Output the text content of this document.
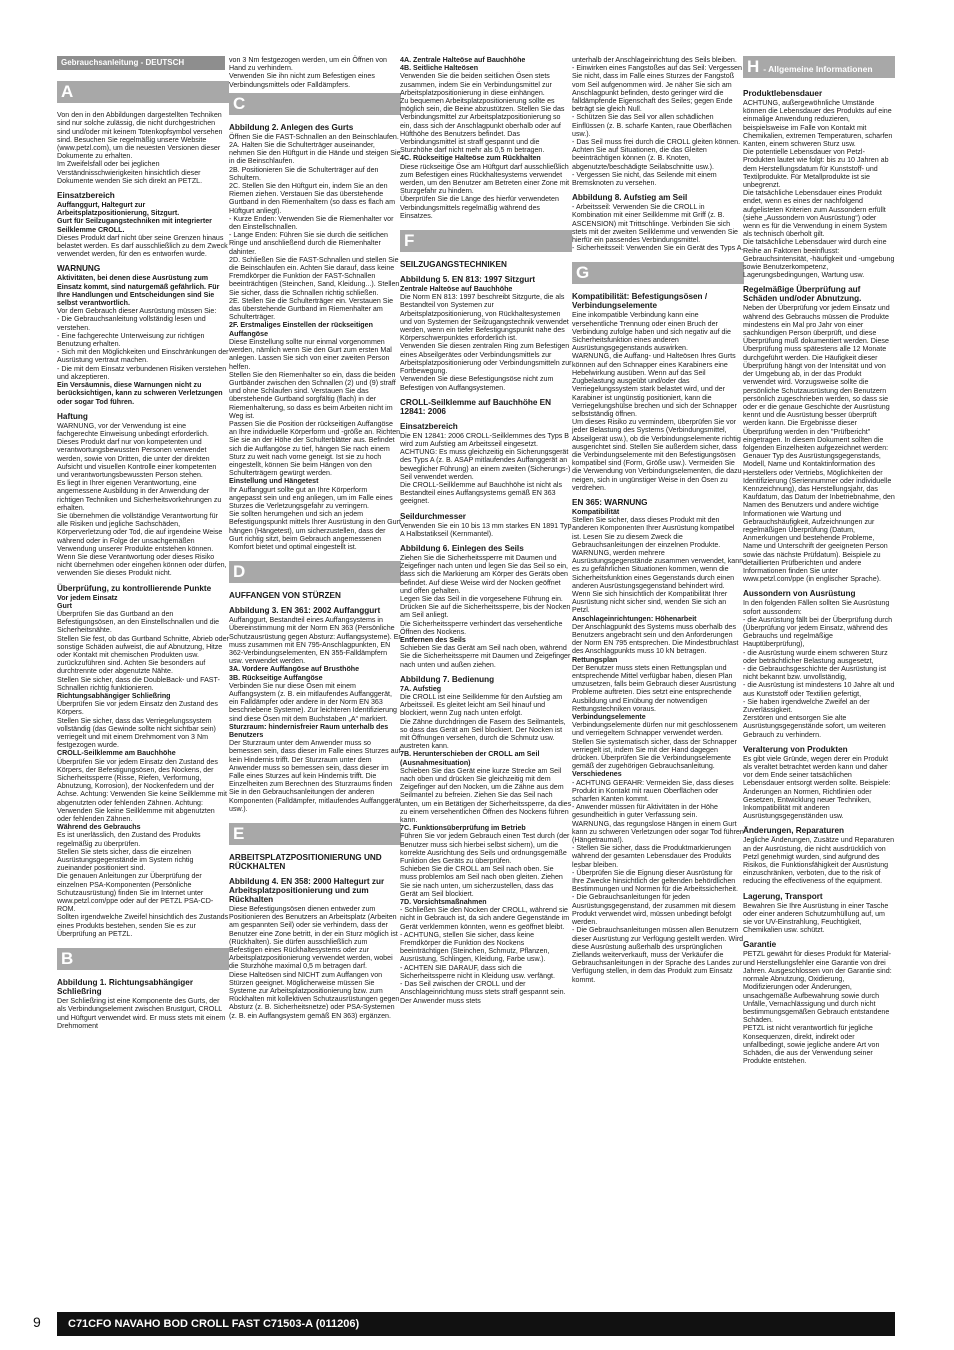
Gebrauchsanleitung - DEUTSCH
A

Von den in den Abbildungen dargestellten Techniken sind nur solche zulässig, die nicht durchgestrichen sind und/oder mit keinem Totenkopfsymbol versehen sind. Besuchen Sie regelmäßig unsere Website (www.petzl.com), um die neuesten Versionen dieser Dokumente zu erhalten.
Im Zweifelsfall oder bei jeglichen Verständnisschwierigkeiten hinsichtlich dieser Dokumente wenden Sie sich direkt an PETZL.

Einsatzbereich

Auffanggurt, Haltegurt zur Arbeitsplatzpositionierung, Sitzgurt.
Gurt für Seilzugangstechniken mit integrierter Seilklemme CROLL.

Dieses Produkt darf nicht über seine Grenzen hinaus belastet werden. Es darf ausschließlich zu dem Zweck verwendet werden, für den es entworfen wurde.

WARNUNG

Aktivitäten, bei denen diese Ausrüstung zum Einsatz kommt, sind naturgemäß gefährlich. Für Ihre Handlungen und Entscheidungen sind Sie selbst verantwortlich.

Vor dem Gebrauch dieser Ausrüstung müssen Sie:
- Die Gebrauchsanleitung vollständig lesen und verstehen.
- Eine fachgerechte Unterweisung zur richtigen Benutzung erhalten.
- Sich mit den Möglichkeiten und Einschränkungen der Ausrüstung vertraut machen.
- Die mit dem Einsatz verbundenen Risiken verstehen und akzeptieren.

Ein Versäumnis, diese Warnungen nicht zu berücksichtigen, kann zu schweren Verletzungen oder sogar Tod führen.

Haftung

WARNUNG, vor der Verwendung ist eine fachgerechte Einweisung unbedingt erforderlich.
Dieses Produkt darf nur von kompetenten und verantwortungsbewussten Personen verwendet werden, sowie von Dritten, die unter der direkten Aufsicht und visuellen Kontrolle einer kompetenten und verantwortungsbewussten Person stehen.
Es liegt in Ihrer eigenen Verantwortung, eine angemessene Ausbildung in der Anwendung der richtigen Techniken und Sicherheitsvorkehrungen zu erhalten.
Sie übernehmen die vollständige Verantwortung für alle Risiken und jegliche Sachschäden, Körperverletzung oder Tod, die auf irgendeine Weise während oder in Folge der unsachgemäßen Verwendung unserer Produkte entstehen können. Wenn Sie diese Verantwortung oder dieses Risiko nicht übernehmen oder eingehen können oder dürfen, verwenden Sie dieses Produkt nicht.

Überprüfung, zu kontrollierende Punkte

Vor jedem Einsatz

Gurt

Überprüfen Sie das Gurtband an den Befestigungsösen, an den Einstellschnallen und die Sicherheitsnähte.
Stellen Sie fest, ob das Gurtband Schnitte, Abrieb oder sonstige Schäden aufweist, die auf Abnutzung, Hitze oder Kontakt mit chemischen Produkten usw. zurückzuführen sind. Achten Sie besonders auf durchtrennte oder abgenutzte Nähte.
Stellen Sie sicher, dass die DoubleBack- und FAST-Schnallen richtig funktionieren.

Richtungsabhängiger Schließring

Überprüfen Sie vor jedem Einsatz den Zustand des Körpers.
Stellen Sie sicher, dass das Verriegelungssystem vollständig (das Gewinde sollte nicht sichtbar sein) verriegelt und mit einem Drehmoment von 3 Nm festgezogen wurde.

CROLL-Seilklemme am Bauchhöhe

Überprüfen Sie vor jedem Einsatz den Zustand des Körpers, der Befestigungsösen, des Nockens, der Sicherheitssperre (Risse, Riefen, Verformung, Abnutzung, Korrosion), der Nockenfedern und der Achse. Achtung: Verwenden Sie keine Seilklemme mit abgenutzten oder fehlenden Zähnen. Achtung: Verwenden Sie keine Seilklemme mit abgenutzten oder fehlenden Zähnen.

Während des Gebrauchs

Es ist unerlässlich, den Zustand des Produkts regelmäßig zu überprüfen.
Stellen Sie stets sicher, dass die einzelnen Ausrüstungsgegenstände im System richtig zueinander positioniert sind.
Die genauen Anleitungen zur Überprüfung der einzelnen PSA-Komponenten (Persönliche Schutzausrüstung) finden Sie im Internet unter www.petzl.com/ppe oder auf der PETZL PSA-CD-ROM.
Sollten irgendwelche Zweifel hinsichtlich des Zustands eines Produkts bestehen, senden Sie es zur Überprüfung an PETZL.

B
Abbildung 1. Richtungsabhängiger Schließring

Der Schließring ist eine Komponente des Gurts, der als Verbindungselement zwischen Brustgurt, CROLL und Hüftgurt verwendet wird. Er muss stets mit einem Drehmoment

von 3 Nm festgezogen werden, um ein Öffnen von Hand zu verhindern.
Verwenden Sie ihn nicht zum Befestigen eines Verbindungsmittels oder Falldämpfers.

C
Abbildung 2. Anlegen des Gurts

Öffnen Sie die FAST-Schnallen an den Beinschlaufen.
2A. Halten Sie die Schulterträger auseinander, nehmen Sie den Hüftgurt in die Hände und steigen Sie in die Beinschlaufen.
2B. Positionieren Sie die Schulterträger auf den Schultern.
2C. Stellen Sie den Hüftgurt ein, indem Sie an den Riemen ziehen. Verstauen Sie das überstehende Gurtband in den Riemenhaltern (so dass es flach am Hüftgurt anliegt).
- Kurze Enden: Verwenden Sie die Riemenhalter vor den Einstellschnallen.
- Lange Enden: Führen Sie sie durch die seitlichen Ringe und anschließend durch die Riemenhalter dahinter.
2D. Schließen Sie die FAST-Schnallen und stellen Sie die Beinschlaufen ein. Achten Sie darauf, dass keine Fremdkörper die Funktion der FAST-Schnallen beeinträchtigen (Steinchen, Sand, Kleidung...). Stellen Sie sicher, dass die Schnallen richtig schließen.
2E. Stellen Sie die Schulterträger ein. Verstauen Sie das überstehende Gurtband im Riemenhalter am Schulterträger.

2F. Erstmaliges Einstellen der rückseitigen Auffangöse

Diese Einstellung sollte nur einmal vorgenommen werden, nämlich wenn Sie den Gurt zum ersten Mal anlegen. Lassen Sie sich von einer zweiten Person helfen.
Stellen Sie den Riemenhalter so ein, dass die beiden Gurtbänder zwischen den Schnallen (2) und (9) straff und ohne Schlaufen sind. Verstauen Sie das überstehende Gurtband sorgfältig (flach) in der Riemenhalterung, so dass es beim Arbeiten nicht im Weg ist.
Passen Sie die Position der rückseitigen Auffangöse an Ihre individuelle Körperform und -größe an. Richten Sie sie an der Höhe der Schulterblätter aus. Befindet sich die Auffangöse zu tief, hängen Sie nach einem Sturz zu weit nach vorne geneigt. Ist sie zu hoch eingestellt, können Sie beim Hängen von den Schulterträgern gewürgt werden.

Einstellung und Hängetest

Ihr Auffanggurt sollte gut an Ihre Körperform angepasst sein und eng anliegen, um im Falle eines Sturzes die Verletzungsgefahr zu verringern.
Sie sollten herumgehen und sich an jedem Befestigungspunkt mittels Ihrer Ausrüstung in den Gurt hängen (Hängetest), um sicherzustellen, dass der Gurt richtig sitzt, beim Gebrauch angemessenen Komfort bietet und optimal eingestellt ist.

D
AUFFANGEN VON STÜRZEN
Abbildung 3. EN 361: 2002 Auffanggurt

Auffanggurt, Bestandteil eines Auffangsystems in Übereinstimmung mit der Norm EN 363 (Persönliche Schutzausrüstung gegen Absturz: Auffangsysteme). Er muss zusammen mit EN 795-Anschlagpunkten, EN 362-Verbindungselementen, EN 355-Falldämpfern usw. verwendet werden.

3A. Vordere Auffangöse auf Brusthöhe
3B. Rückseitige Auffangöse

Verbinden Sie nur diese Ösen mit einem Auffangsystem (z. B. ein mitlaufendes Auffanggerät, ein Falldämpfer oder andere in der Norm EN 363 beschriebene Systeme). Zur leichteren Identifizierung sind diese Ösen mit dem Buchstaben „A“ markiert.

Sturzraum: hindernisfreier Raum unterhalb des Benutzers

Der Sturzraum unter dem Anwender muss so bemessen sein, dass dieser im Falle eines Sturzes auf kein Hindernis trifft. Der Sturzraum unter dem Anwender muss so bemessen sein, dass dieser im Falle eines Sturzes auf kein Hindernis trifft. Die Einzelheiten zum Berechnen des Sturzraums finden Sie in den Gebrauchsanleitungen der anderen Komponenten (Falldämpfer, mitlaufendes Auffanggerät usw.).

E
ARBEITSPLATZPOSITIONIERUNG UND RÜCKHALTEN
Abbildung 4. EN 358: 2000 Haltegurt zur Arbeitsplatzpositionierung und zum Rückhalten

Diese Befestigungsösen dienen entweder zum Positionieren des Benutzers an Arbeitsplatz (Arbeiten am gespannten Seil) oder sie verhindern, dass der Benutzer eine Zone betritt, in der ein Sturz möglich ist (Rückhalten). Sie dürfen ausschließlich zum Befestigen eines Rückhaltesystems oder zur Arbeitsplatzpositionierung verwendet werden, wobei die Sturzhöhe maximal 0,5 m betragen darf.
Diese Halteösen sind NICHT zum Auffangen von Stürzen geeignet. Möglicherweise müssen Sie Systeme zur Arbeitsplatzpositionierung bzw. zum Rückhalten mit kollektiven Schutzausrüstungen gegen Absturz (z. B. Sicherheitsnetze) oder PSA-Systemen (z. B. ein Auffangsystem gemäß EN 363) ergänzen.

4A. Zentrale Halteöse auf Bauchhöhe
4B. Seitliche Halteösen

Verwenden Sie die beiden seitlichen Ösen stets zusammen, indem Sie ein Verbindungsmittel zur Arbeitsplatzpositionierung in diese einhängen.
Zu bequemen Arbeitsplatzpositionierung sollte es möglich sein, die Beine abzustützen. Stellen Sie das Verbindungsmittel zur Arbeitsplatzpositionierung so ein, dass sich der Anschlagpunkt oberhalb oder auf Hüfthöhe des Benutzers befindet. Das Verbindungsmittel ist straff gespannt und die Sturzhöhe darf nicht mehr als 0,5 m betragen.

4C. Rückseitige Halteöse zum Rückhalten

Diese rückseitige Öse am Hüftgurt darf ausschließlich zum Befestigen eines Rückhaltesystems verwendet werden, um den Benutzer am Betreten einer Zone mit Sturzgefahr zu hindern.
Überprüfen Sie die Länge des hierfür verwendeten Verbindungsmittels regelmäßig während des Einsatzes.

F
SEILZUGANGSTECHNIKEN
Abbildung 5. EN 813: 1997 Sitzgurt

Zentrale Halteöse auf Bauchhöhe

Die Norm EN 813: 1997 beschreibt Sitzgurte, die als Bestandteil von Systemen zur Arbeitsplatzpositionierung, von Rückhaltesystemen und von Systemen der Seilzugangstechnik verwendet werden, wenn ein tiefer Befestigungspunkt nahe des Körperschwerpunktes erforderlich ist.
Verwenden Sie diesen zentralen Ring zum Befestigen eines Abseilgerätes oder Verbindungsmittels zur Arbeitsplatzpositionierung oder Verbindungsmitteln zur Fortbewegung.
Verwenden Sie diese Befestigungsöse nicht zum Befestigen von Auffangsystemen.

CROLL-Seilklemme auf Bauchhöhe EN 12841: 2006
Einsatzbereich

Die EN 12841: 2006 CROLL-Seilklemmes des Typs B wird zum Aufstieg am Arbeitsseil eingesetzt.
ACHTUNG: Es muss gleichzeitig ein Sicherungsgerät des Typs A (z. B. ASAP mitlaufendes Auffanggerät an beweglicher Führung) an einem zweiten (Sicherungs-) Seil verwendet werden.
Die CROLL-Seilklemme auf Bauchhöhe ist nicht als Bestandteil eines Auffangsystems gemäß EN 363 geeignet.

Seildurchmesser

Verwenden Sie ein 10 bis 13 mm starkes EN 1891 Typ A Halbstatikseil (Kernmantel).

Abbildung 6. Einlegen des Seils

Ziehen Sie die Sicherheitssperre mit Daumen und Zeigefinger nach unten und legen Sie das Seil so ein, dass sich die Markierung am Körper des Geräts oben befindet. Auf diese Weise wird der Nocken geöffnet und offen gehalten.
Legen Sie das Seil in die vorgesehene Führung ein. Drücken Sie auf die Sicherheitssperre, bis der Nocken am Seil anliegt.
Die Sicherheitssperre verhindert das versehentliche Öffnen des Nockens.

Entfernen des Seils

Schieben Sie das Gerät am Seil nach oben, während Sie die Sicherheitssperre mit Daumen und Zeigefinger nach unten und außen ziehen.

Abbildung 7. Bedienung

7A. Aufstieg

Die CROLL ist eine Seilklemme für den Aufstieg am Arbeitsseil. Es gleitet leicht am Seil hinauf und blockiert, wenn Zug nach unten erfolgt.
Die Zähne durchdringen die Fasern des Seilmantels, so dass das Gerät am Seil blockiert. Der Nocken ist mit Öffnungen versehen, durch die Schmutz usw. austreten kann.

7B. Herunterschieben der CROLL am Seil (Ausnahmesituation)

Schieben Sie das Gerät eine kurze Strecke am Seil nach oben und drücken Sie gleichzeitig mit dem Zeigefinger auf den Nocken, um die Zähne aus dem Seilmantel zu befreien. Ziehen Sie das Seil nach unten, um ein Betätigen der Sicherheitssperre, da dies zu einem versehentlichen Öffnen des Nockens führen kann.

7C. Funktionsüberprüfung im Betrieb

Führen Sie vor jedem Gebrauch einen Test durch (der Benutzer muss sich hierbei selbst sichern), um die korrekte Ausrichtung des Seils und ordnungsgemäße Funktion des Geräts zu überprüfen.
Schieben Sie die CROLL am Seil nach oben. Sie muss problemlos am Seil nach oben gleiten. Ziehen Sie sie nach unten, um sicherzustellen, dass das Gerät am Seil blockiert.

7D. Vorsichtsmaßnahmen

- Schließen Sie den Nocken der CROLL, während sie nicht in Gebrauch ist, da sich andere Gegenstände im Gerät verklemmen könnten, wenn es geöffnet bleibt.
- ACHTUNG, stellen Sie sicher, dass keine Fremdkörper die Funktion des Nockens beeinträchtigen (Steinchen, Schmutz, Pflanzen, Ausrüstung, Schlingen, Kleidung, Farbe usw.).
- ACHTEN SIE DARAUF, dass sich die Sicherheitssperre nicht in Kleidung usw. verfängt.
- Das Seil zwischen der CROLL und der Anschlageinrichtung muss stets straff gespannt sein. Der Anwender muss stets

unterhalb der Anschlageinrichtung des Seils bleiben.
- Einwirken eines Fangstoßes auf das Seil: Vergessen Sie nicht, dass im Falle eines Sturzes der Fangstoß vom Seil aufgenommen wird. Je näher Sie sich am Anschlagpunkt befinden, desto geringer wird die falldämpfende Eigenschaft des Seiles; gegen Ende beträgt sie gleich Null.
- Schützen Sie das Seil vor allen schädlichen Einflüssen (z. B. scharfe Kanten, raue Oberflächen usw.).
- Das Seil muss frei durch die CROLL gleiten können. Achten Sie auf Situationen, die das Gleiten beeinträchtigen können (z. B. Knoten, abgenutzte/beschädigte Seilabschnitte usw.).
- Vergessen Sie nicht, das Seilende mit einem Bremsknoten zu versehen.

Abbildung 8. Aufstieg am Seil

- Arbeitsseil: Verwenden Sie die CROLL in Kombination mit einer Seilklemme mit Griff (z. B. ASCENSION) mit Trittschlinge. Verbinden Sie sich stets mit der zweiten Seilklemme und verwenden Sie hierfür ein passendes Verbindungsmittel.
- Sicherheitsseil: Verwenden Sie ein Gerät des Typs A.

G
Kompatibilität: Befestigungsösen / Verbindungselemente

Eine inkompatible Verbindung kann eine versehentliche Trennung oder einen Bruch der Verbindung zufolge haben und sich negativ auf die Sicherheitsfunktion eines anderen Ausrüstungsgegenstands auswirken.
WARNUNG, die Auffang- und Halteösen Ihres Gurts können auf den Schnapper eines Karabiners eine Hebelwirkung ausüben. Wenn auf das Seil Zugbelastung ausgeübt und/oder das Verriegelungssystem stark belastet wird, und der Karabiner ist ungünstig positioniert, kann die Verriegelungshülse brechen und sich der Schnapper selbstständig öffnen.
Um dieses Risiko zu vermindern, überprüfen Sie vor jeder Belastung des Systems (Verbindungsmittel, Abseilgerät usw.), ob die Verbindungselemente richtig ausgerichtet sind. Stellen Sie außerdem sicher, dass die Verbindungselemente mit den Befestigungsösen kompatibel sind (Form, Größe usw.). Vermeiden Sie die Verwendung von Verbindungselementen, die dazu neigen, sich in ungünstiger Weise in den Ösen zu verdrehen.

EN 365: WARNUNG

Kompatibilität

Stellen Sie sicher, dass dieses Produkt mit den anderen Komponenten Ihrer Ausrüstung kompatibel ist. Lesen Sie zu diesem Zweck die Gebrauchsanleitungen der einzelnen Produkte.
WARNUNG, werden mehrere Ausrüstungsgegenstände zusammen verwendet, kann es zu gefährlichen Situationen kommen, wenn die Sicherheitsfunktion eines Gegenstands durch einen anderen Ausrüstungsgegenstand behindert wird.
Wenn Sie sich hinsichtlich der Kompatibilität Ihrer Ausrüstung nicht sicher sind, wenden Sie sich an Petzl.

Anschlageinrichtungen: Höhenarbeit

Der Anschlagpunkt des Systems muss oberhalb des Benutzers angebracht sein und den Anforderungen der Norm EN 795 entsprechen. Die Mindestbruchlast des Anschlagpunkts muss 10 kN betragen.

Rettungsplan

Der Benutzer muss stets einen Rettungsplan und entsprechende Mittel verfügbar haben, diesen Plan umzusetzen, falls beim Gebrauch dieser Ausrüstung Probleme auftreten. Dies setzt eine entsprechende Ausbildung und Einübung der notwendigen Rettungstechniken voraus.

Verbindungselemente

Verbindungselemente dürfen nur mit geschlossenem und verriegeltem Schnapper verwendet werden. Stellen Sie systematisch sicher, dass der Schnapper verriegelt ist, indem Sie mit der Hand dagegen drücken. Überprüfen Sie die Verbindungselemente gemäß der zugehörigen Gebrauchsanleitung.

Verschiedenes

- ACHTUNG GEFAHR: Vermeiden Sie, dass dieses Produkt in Kontakt mit rauen Oberflächen oder scharfen Kanten kommt.
- Anwender müssen für Aktivitäten in der Höhe gesundheitlich in guter Verfassung sein.
WARNUNG, das regungslose Hängen in einem Gurt kann zu schweren Verletzungen oder sogar Tod führen (Hängetrauma!).
- Stellen Sie sicher, dass die Produktmarkierungen während der gesamten Lebensdauer des Produkts lesbar bleiben.
- Überprüfen Sie die Eignung dieser Ausrüstung für Ihre Zwecke hinsichtlich der geltenden behördlichen Bestimmungen und Normen für die Arbeitssicherheit.
- Die Gebrauchsanleitungen für jeden Ausrüstungsgegenstand, der zusammen mit diesem Produkt verwendet wird, müssen unbedingt befolgt werden.
- Die Gebrauchsanleitungen müssen allen Benutzern dieser Ausrüstung zur Verfügung gestellt werden. Wird diese Ausrüstung außerhalb des ursprünglichen Ziellands weiterverkauft, muss der Verkäufer die Gebrauchsanleitungen in der Sprache des Landes zur Verfügung stellen, in dem das Produkt zum Einsatz kommt.

H - Allgemeine Informationen
Produktlebensdauer

ACHTUNG, außergewöhnliche Umstände können die Lebensdauer des Produkts auf eine einmalige Anwendung reduzieren, beispielsweise im Falle von Kontakt mit Chemikalien, extremen Temperaturen, scharfen Kanten, einem schweren Sturz usw.

Die potentielle Lebensdauer von Petzl-Produkten lautet wie folgt: bis zu 10 Jahren ab dem Herstellungsdatum für Kunststoff- und Textilprodukte. Für Metallprodukte ist sie unbegrenzt.

Die tatsächliche Lebensdauer eines Produkt endet, wenn es eines der nachfolgend aufgelisteten Kriterien zum Aussondern erfüllt (siehe „Aussondern von Ausrüstung“) oder wenn es für die Verwendung in einem System als technisch überholt gilt.
Die tatsächliche Lebensdauer wird durch eine Reihe an Faktoren beeinflusst: Gebrauchsintensität, -häufigkeit und -umgebung sowie Benutzerkompetenz, Lagerungsbedingungen, Wartung usw.

Regelmäßige Überprüfung auf Schäden und/oder Abnutzung.

Neben der Überprüfung vor jedem Einsatz und während des Gebrauchs müssen die Produkte mindestens ein Mal pro Jahr von einer sachkundigen Person überprüft, und diese Überprüfung muß dokumentiert werden. Diese Überprüfung muss spätestens alle 12 Monate durchgeführt werden. Die Häufigkeit dieser Überprüfung hängt von der Intensität und von der Umgebung ab, in der das Produkt verwendet wird. Vorzugsweise sollte die persönliche Schutzausrüstung den Benutzern persönlich zugeschrieben werden, so dass sie oder er die genaue Geschichte der Ausrüstung kennt und die Ausrüstung besser überprüft werden kann. Die Ergebnisse dieser Überprüfung werden in den "Prüfbericht" eingetragen. In diesem Dokument sollten die folgenden Einzelheiten aufgezeichnet werden: Genauer Typ des Ausrüstungsgegenstands, Modell, Name und Kontaktinformation des Herstellers oder Vertriebs, Möglichkeiten der Identifizierung (Seriennummer oder individuelle Kennzeichnung), das Herstellungsjahr, das Kaufdatum, das Datum der Inbetriebnahme, den Namen des Benutzers und andere wichtige Informationen wie Wartung und Gebrauchshäufigkeit, Aufzeichnungen zur regelmäßigen Überprüfung (Datum, Anmerkungen und bestehende Probleme, Name und Unterschrift der geeigneten Person sowie das nächste Prüfdatum). Beispiele zu detaillierten Prüfberichten und andere Informationen finden Sie unter www.petzl.com/ppe (in englischer Sprache).

Aussondern von Ausrüstung

In den folgenden Fällen sollten Sie Ausrüstung sofort aussondern:
- die Ausrüstung fällt bei der Überprüfung durch (Überprüfung vor jedem Einsatz, während des Gebrauchs und regelmäßige Hauptüberprüfung),
- die Ausrüstung wurde einem schweren Sturz oder beträchtlicher Belastung ausgesetzt,
- die Gebrauchsgeschichte der Ausrüstung ist nicht bekannt bzw. unvollständig,
- die Ausrüstung ist mindestens 10 Jahre alt und aus Kunststoff oder Textilien gefertigt,
- Sie haben irgendwelche Zweifel an der Zuverlässigkeit.
Zerstören und entsorgen Sie alte Ausrüstungsgegenstände sofort, um weiteren Gebrauch zu verhindern.

Veralterung von Produkten

Es gibt viele Gründe, wegen derer ein Produkt als veraltet betrachtet werden kann und daher vor dem Ende seiner tatsächlichen Lebensdauer entsorgt werden sollte. Beispiele: Änderungen an Normen, Richtlinien oder Gesetzen, Entwicklung neuer Techniken, Inkompatibilität mit anderen Ausrüstungsgegenständen usw.

Änderungen, Reparaturen

Jegliche Änderungen, Zusätze und Reparaturen an der Ausrüstung, die nicht ausdrücklich von Petzl genehmigt wurden, sind aufgrund des Risikos, die Funktionsfähigkeit der Ausrüstung einzuschränken, verboten, due to the risk of reducing the effectiveness of the equipment.

Lagerung, Transport

Bewahren Sie Ihre Ausrüstung in einer Tasche oder einer anderen Schutzumhüllung auf, um sie vor UV-Einstrahlung, Feuchtigkeit, Chemikalien usw. schützt.

Garantie

PETZL gewährt für dieses Produkt für Material- und Herstellungsfehler eine Garantie von drei Jahren. Ausgeschlossen von der Garantie sind: normale Abnutzung, Oxidierung, Modifizierungen oder Änderungen, unsachgemäße Aufbewahrung sowie durch Unfälle, Vernachlässigung und durch nicht bestimmungsgemäßen Gebrauch entstandene Schäden.
PETZL ist nicht verantwortlich für jegliche Konsequenzen, direkt, indirekt oder unfallbedingt, sowie jegliche andere Art von Schäden, die aus der Verwendung seiner Produkte entstehen.

9	C71CFO NAVAHO BOD CROLL FAST C71503-A (011206)
